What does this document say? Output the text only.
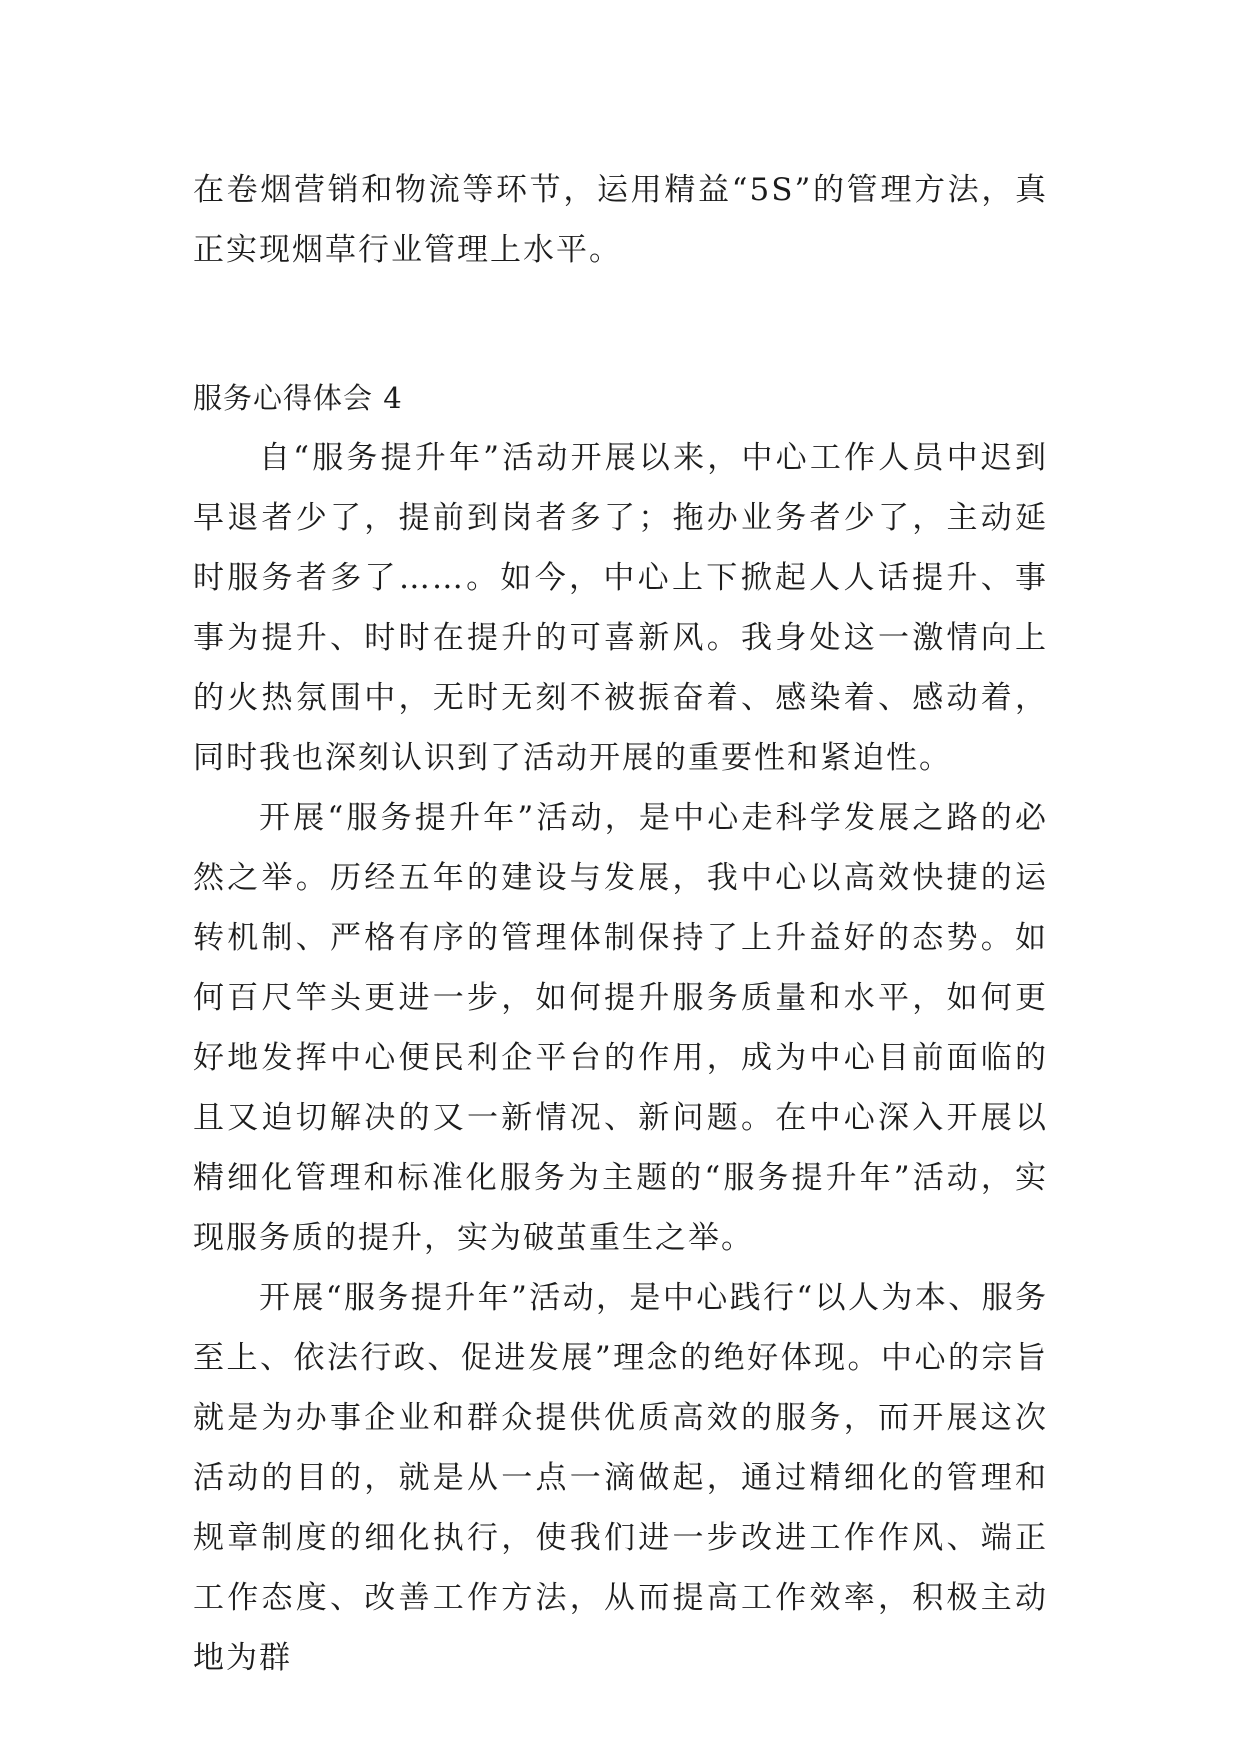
在卷烟营销和物流等环节，运用精益“5S”的管理方法，真正实现烟草行业管理上水平。

服务心得体会 4

自“服务提升年”活动开展以来，中心工作人员中迟到早退者少了，提前到岗者多了；拖办业务者少了，主动延时服务者多了……。如今，中心上下掀起人人话提升、事事为提升、时时在提升的可喜新风。我身处这一激情向上的火热氛围中，无时无刻不被振奋着、感染着、感动着，同时我也深刻认识到了活动开展的重要性和紧迫性。

开展“服务提升年”活动，是中心走科学发展之路的必然之举。历经五年的建设与发展，我中心以高效快捷的运转机制、严格有序的管理体制保持了上升益好的态势。如何百尺竿头更进一步，如何提升服务质量和水平，如何更好地发挥中心便民利企平台的作用，成为中心目前面临的且又迫切解决的又一新情况、新问题。在中心深入开展以精细化管理和标准化服务为主题的“服务提升年”活动，实现服务质的提升，实为破茧重生之举。

开展“服务提升年”活动，是中心践行“以人为本、服务至上、依法行政、促进发展”理念的绝好体现。中心的宗旨就是为办事企业和群众提供优质高效的服务，而开展这次活动的目的，就是从一点一滴做起，通过精细化的管理和规章制度的细化执行，使我们进一步改进工作作风、端正工作态度、改善工作方法，从而提高工作效率，积极主动地为群
